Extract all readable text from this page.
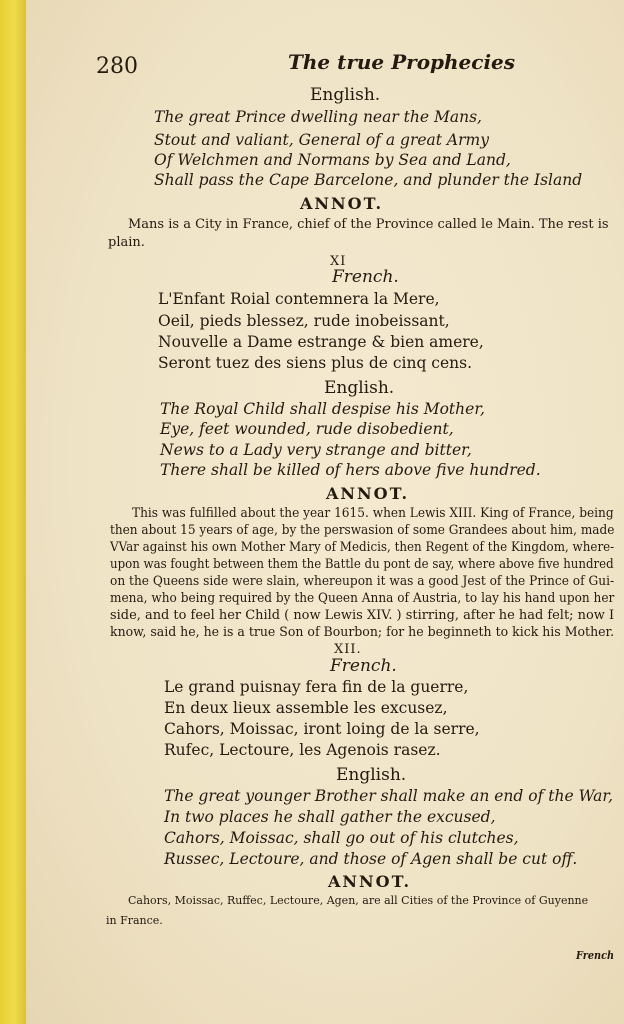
280	The true Prophecies
English.
The great Prince dwelling near the Mans,
Stout and valiant, General of a great Army
Of Welchmen and Normans by Sea and Land,
Shall pass the Cape Barcelone, and plunder the Island
ANNOT.
Mans is a City in France, chief of the Province called le Main. The rest is
plain.
XI
French.
L'Enfant Roial contemnera la Mere,
Oeil, pieds blessez, rude inobeissant,
Nouvelle a Dame estrange & bien amere,
Seront tuez des siens plus de cinq cens.
English.
The Royal Child shall despise his Mother,
Eye, feet wounded, rude disobedient,
News to a Lady very strange and bitter,
There shall be killed of hers above five hundred.
ANNOT.
This was fulfilled about the year 1615. when Lewis XIII. King of France, being
then about 15 years of age, by the perswasion of some Grandees about him, made
VVar against his own Mother Mary of Medicis, then Regent of the Kingdom, where-
upon was fought between them the Battle du pont de say, where above five hundred
on the Queens side were slain, whereupon it was a good Jest of the Prince of Gui-
mena, who being required by the Queen Anna of Austria, to lay his hand upon her
side, and to feel her Child ( now Lewis XIV. ) stirring, after he had felt; now I
know, said he, he is a true Son of Bourbon; for he beginneth to kick his Mother.
XII.
French.
Le grand puisnay fera fin de la guerre,
En deux lieux assemble les excusez,
Cahors, Moissac, iront loing de la serre,
Rufec, Lectoure, les Agenois rasez.
English.
The great younger Brother shall make an end of the War,
In two places he shall gather the excused,
Cahors, Moissac, shall go out of his clutches,
Russec, Lectoure, and those of Agen shall be cut off.
ANNOT.
Cahors, Moissac, Ruffec, Lectoure, Agen, are all Cities of the Province of Guyenne
in France.
French
